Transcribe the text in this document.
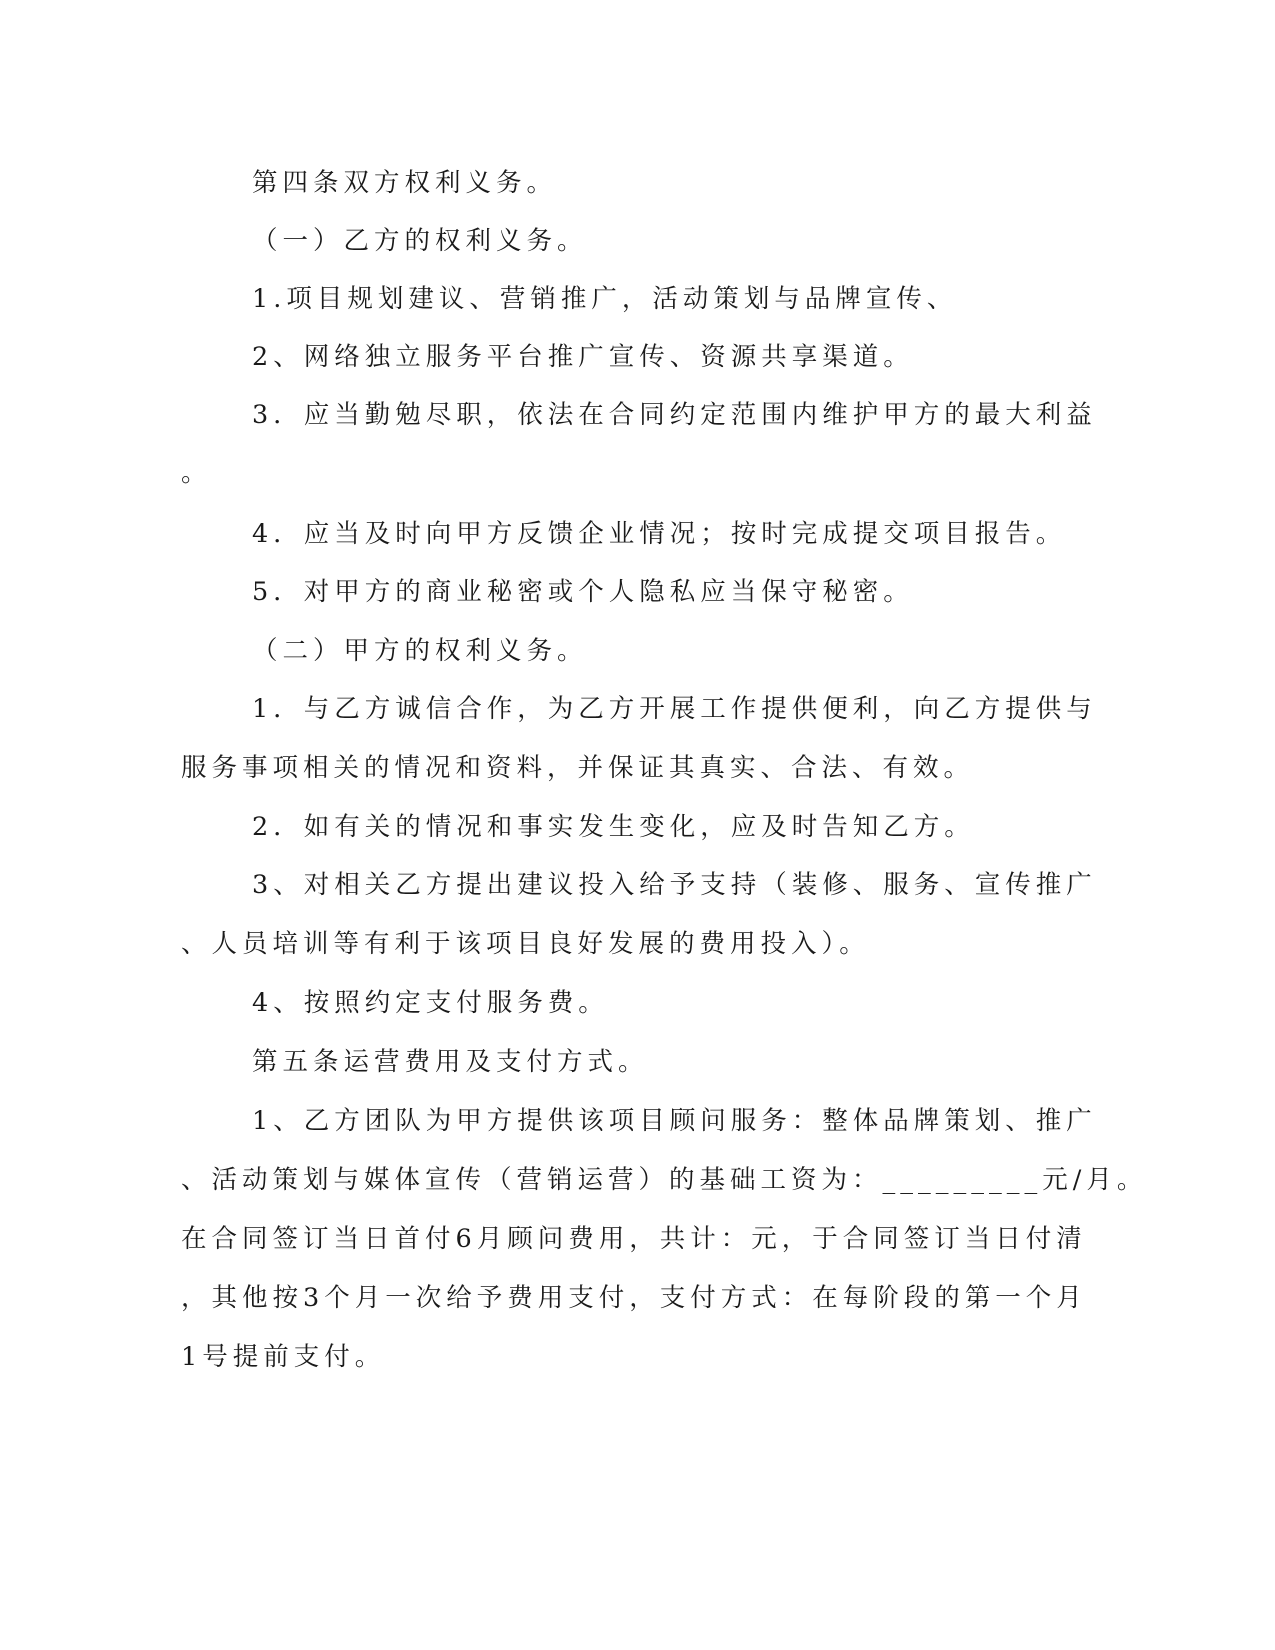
第四条双方权利义务。
（一）乙方的权利义务。
1.项目规划建议、营销推广，活动策划与品牌宣传、
2、网络独立服务平台推广宣传、资源共享渠道。
3．应当勤勉尽职，依法在合同约定范围内维护甲方的最大利益
。
4．应当及时向甲方反馈企业情况；按时完成提交项目报告。
5．对甲方的商业秘密或个人隐私应当保守秘密。
（二）甲方的权利义务。
1．与乙方诚信合作，为乙方开展工作提供便利，向乙方提供与
服务事项相关的情况和资料，并保证其真实、合法、有效。
2．如有关的情况和事实发生变化，应及时告知乙方。
3、对相关乙方提出建议投入给予支持（装修、服务、宣传推广
、人员培训等有利于该项目良好发展的费用投入）。
4、按照约定支付服务费。
第五条运营费用及支付方式。
1、乙方团队为甲方提供该项目顾问服务：整体品牌策划、推广
、活动策划与媒体宣传（营销运营）的基础工资为：_________元/月。
在合同签订当日首付6月顾问费用，共计：元，于合同签订当日付清
，其他按3个月一次给予费用支付，支付方式：在每阶段的第一个月
1号提前支付。
